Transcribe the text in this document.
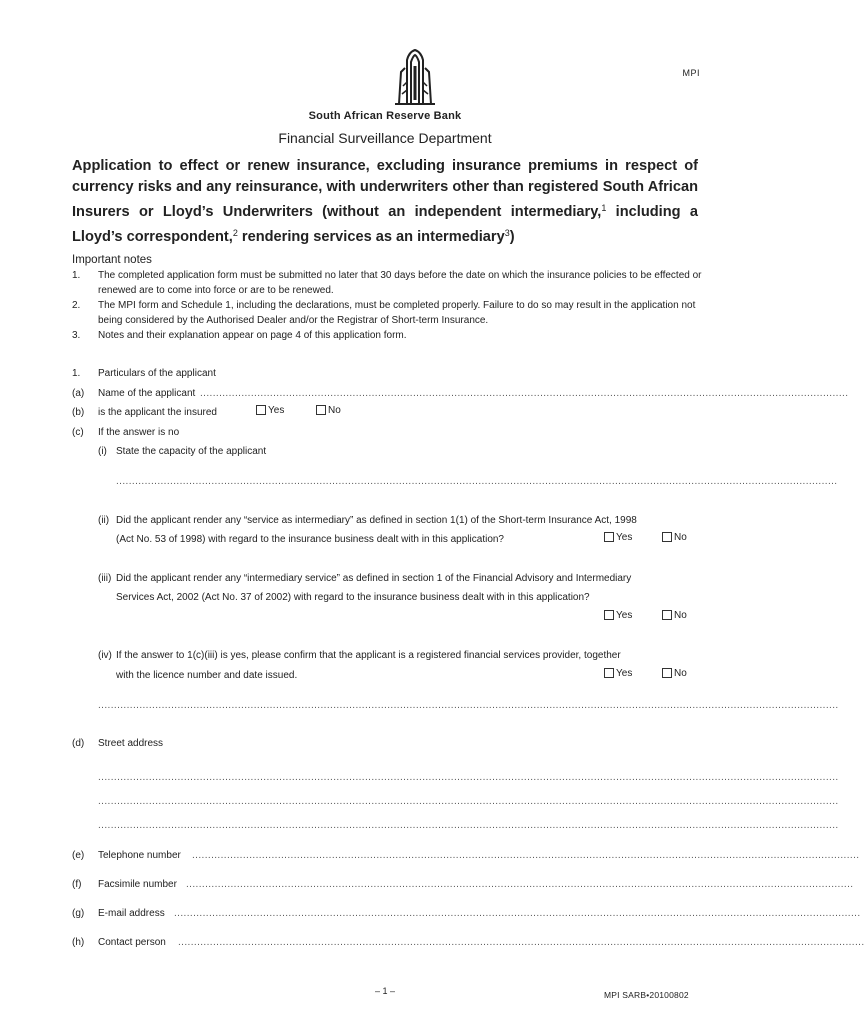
MPI
South African Reserve Bank
Financial Surveillance Department
Application to effect or renew insurance, excluding insurance premiums in respect of currency risks and any reinsurance, with underwriters other than registered South African Insurers or Lloyd’s Underwriters (without an independent intermediary,$^1$ including a Lloyd’s correspondent,$^2$ rendering services as an intermediary$^3$)
Important notes
1. The completed application form must be submitted no later that 30 days before the date on which the insurance policies to be effected or renewed are to come into force or are to be renewed.
2. The MPI form and Schedule 1, including the declarations, must be completed properly. Failure to do so may result in the application not being considered by the Authorised Dealer and/or the Registrar of Short-term Insurance.
3. Notes and their explanation appear on page 4 of this application form.
1. Particulars of the applicant
(a) Name of the applicant ............................................................................................................................................................................................................
(b) is the applicant the insured	Yes	No
(c) If the answer is no
(i) State the capacity of the applicant
...................................................................................................................................................................................................................................
(ii) Did the applicant render any “service as intermediary” as defined in section 1(1) of the Short-term Insurance Act, 1998
(Act No. 53 of 1998) with regard to the insurance business dealt with in this application?	Yes	No
(iii) Did the applicant render any “intermediary service” as defined in section 1 of the Financial Advisory and Intermediary
Services Act, 2002 (Act No. 37 of 2002) with regard to the insurance business dealt with in this application?
Yes	No
(iv) If the answer to 1(c)(iii) is yes, please confirm that the applicant is a registered financial services provider, together
with the licence number and date issued.	Yes	No
.........................................................................................................................................................................................................................................
(d) Street address
.........................................................................................................................................................................................................................................
.........................................................................................................................................................................................................................................
.........................................................................................................................................................................................................................................
(e) Telephone number ..................................................................................................................................................................................................................
(f) Facsimile number ..................................................................................................................................................................................................................
(g) E-mail address ........................................................................................................................................................................................................................
(h) Contact person ........................................................................................................................................................................................................................
– 1 –	MPI SARB•20100802
